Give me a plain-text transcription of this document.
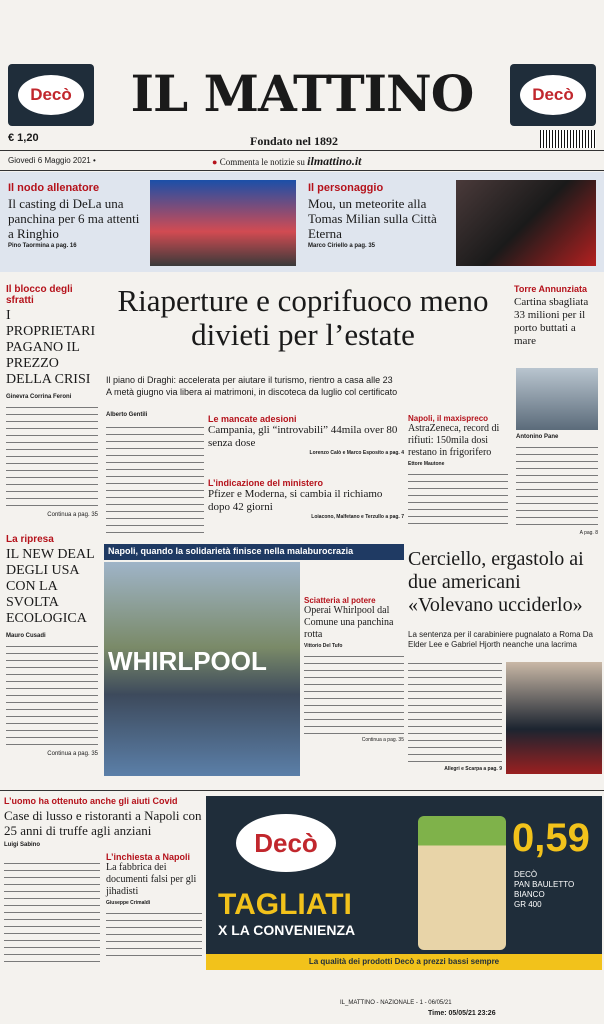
Decò	IL MATTINO	Decò
€ 1,20	Fondato nel 1892
Giovedì 6 Maggio 2021 •	● Commenta le notizie su ilmattino.it
Il nodo allenatore
Il casting di DeLa una panchina per 6 ma attenti a Ringhio
Pino Taormina a pag. 16
Il personaggio
Mou, un meteorite alla Tomas Milian sulla Città Eterna
Marco Ciriello a pag. 35
Il blocco degli sfratti
I PROPRIETARI PAGANO IL PREZZO DELLA CRISI
Ginevra Corrina Feroni
Continua a pag. 35
La ripresa
IL NEW DEAL DEGLI USA CON LA SVOLTA ECOLOGICA
Mauro Cusadi
Continua a pag. 35
Riaperture e coprifuoco meno divieti per l’estate
Il piano di Draghi: accelerata per aiutare il turismo, rientro a casa alle 23
A metà giugno via libera ai matrimoni, in discoteca da luglio col certificato
Alberto Gentili	Le mancate adesioni
Campania, gli “introvabili” 44mila over 80 senza dose
Lorenzo Calò e Marco Esposito a pag. 4
L’indicazione del ministero
Pfizer e Moderna, si cambia il richiamo dopo 42 giorni
Loiacono, Malfetano e Terzullo a pag. 7
Napoli, il maxispreco
AstraZeneca, record di rifiuti: 150mila dosi restano in frigorifero
Ettore Mautone
Torre Annunziata
Cartina sbagliata 33 milioni per il porto buttati a mare
Antonino Pane
A pag. 8
Napoli, quando la solidarietà finisce nella malaburocrazia
WHIRLPOOL
Sciatteria al potere
Operai Whirlpool dal Comune una panchina rotta
Vittorio Del Tufo
Continua a pag. 35
Cerciello, ergastolo ai due americani «Volevano ucciderlo»
La sentenza per il carabiniere pugnalato a Roma Da Elder Lee e Gabriel Hjorth neanche una lacrima
Allegri e Scarpa a pag. 9
L’uomo ha ottenuto anche gli aiuti Covid
Case di lusso e ristoranti a Napoli con 25 anni di truffe agli anziani
Luigi Sabino
L’inchiesta a Napoli
La fabbrica dei documenti falsi per gli jihadisti
Giuseppe Crimaldi
Decò
TAGLIATI
X LA CONVENIENZA
0,59
DECÒ
PAN BAULETTO
BIANCO
GR 400
La qualità dei prodotti Decò a prezzi bassi sempre
IL_MATTINO - NAZIONALE - 1 - 06/05/21
Time: 05/05/21 23:26
